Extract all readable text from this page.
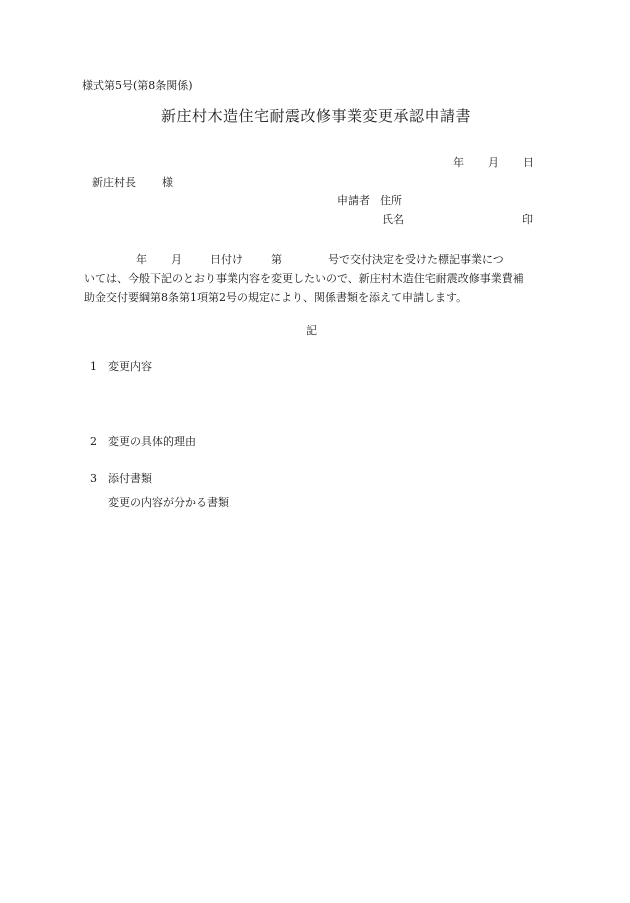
様式第5号(第8条関係)
新庄村木造住宅耐震改修事業変更承認申請書
年 月 日
新庄村長 様
申請者 住所
氏名	印

年 月	日付け	第	号で交付決定を受けた標記事業につ

いては、今般下記のとおり事業内容を変更したいので、新庄村木造住宅耐震改修事業費補

助金交付要綱第8条第1項第2号の規定により、関係書類を添えて申請します。

記
1 変更内容
2 変更の具体的理由
3 添付書類
変更の内容が分かる書類
